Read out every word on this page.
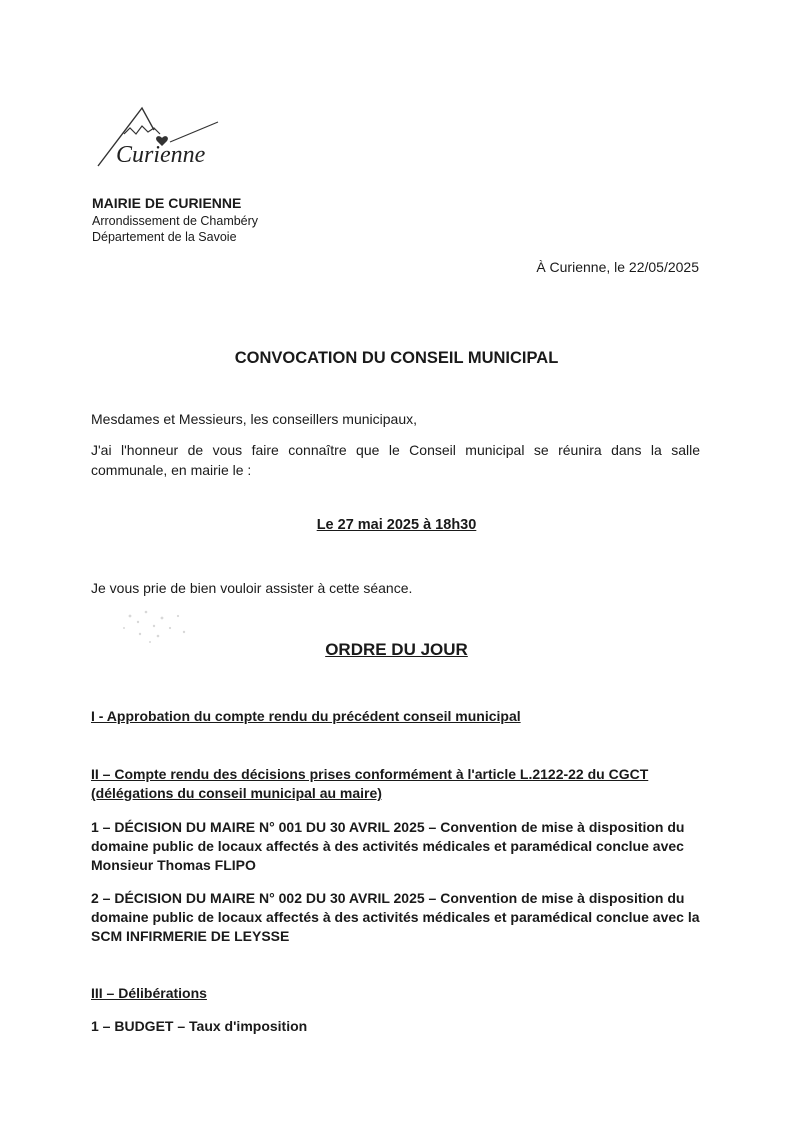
Curienne
MAIRIE DE CURIENNE
Arrondissement de Chambéry
Département de la Savoie
À Curienne, le 22/05/2025
CONVOCATION DU CONSEIL MUNICIPAL
Mesdames et Messieurs, les conseillers municipaux,
J'ai l'honneur de vous faire connaître que le Conseil municipal se réunira dans la salle communale, en mairie le :
Le 27 mai 2025 à 18h30
Je vous prie de bien vouloir assister à cette séance.
ORDRE DU JOUR
I - Approbation du compte rendu du précédent conseil municipal
II – Compte rendu des décisions prises conformément à l'article L.2122-22 du CGCT (délégations du conseil municipal au maire)
1 – DÉCISION DU MAIRE N° 001 DU 30 AVRIL 2025 – Convention de mise à disposition du domaine public de locaux affectés à des activités médicales et paramédical conclue avec Monsieur Thomas FLIPO
2 – DÉCISION DU MAIRE N° 002 DU 30 AVRIL 2025 – Convention de mise à disposition du domaine public de locaux affectés à des activités médicales et paramédical conclue avec la SCM INFIRMERIE DE LEYSSE
III – Délibérations
1 – BUDGET – Taux d'imposition
